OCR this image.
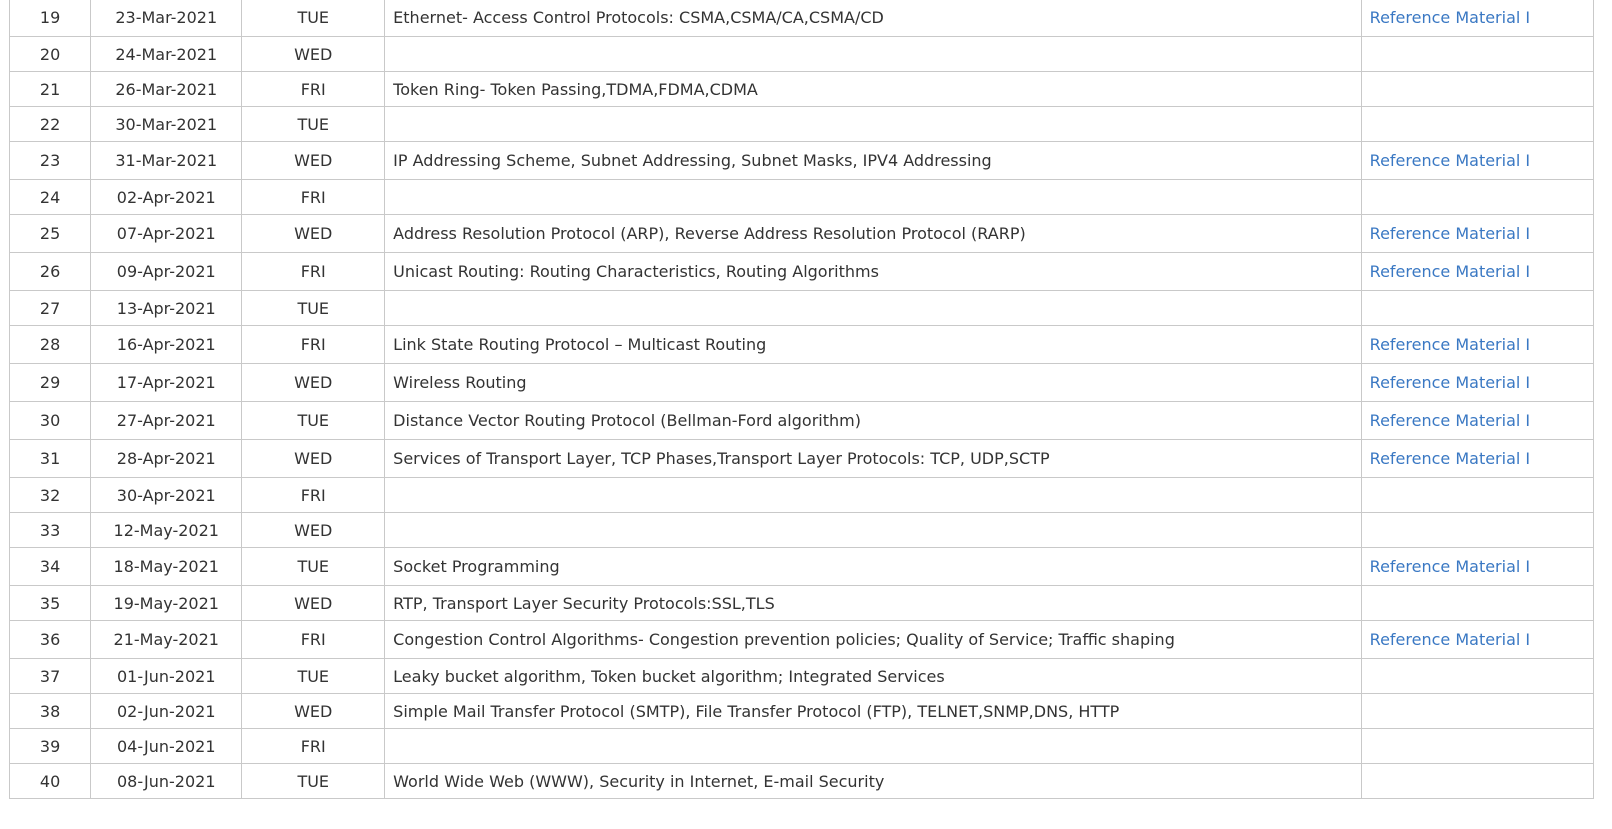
19	23-Mar-2021	TUE	Ethernet- Access Control Protocols: CSMA,CSMA/CA,CSMA/CD	Reference Material I
20	24-Mar-2021	WED		
21	26-Mar-2021	FRI	Token Ring- Token Passing,TDMA,FDMA,CDMA	
22	30-Mar-2021	TUE		
23	31-Mar-2021	WED	IP Addressing Scheme, Subnet Addressing, Subnet Masks, IPV4 Addressing	Reference Material I
24	02-Apr-2021	FRI		
25	07-Apr-2021	WED	Address Resolution Protocol (ARP), Reverse Address Resolution Protocol (RARP)	Reference Material I
26	09-Apr-2021	FRI	Unicast Routing: Routing Characteristics, Routing Algorithms	Reference Material I
27	13-Apr-2021	TUE		
28	16-Apr-2021	FRI	Link State Routing Protocol – Multicast Routing	Reference Material I
29	17-Apr-2021	WED	Wireless Routing	Reference Material I
30	27-Apr-2021	TUE	Distance Vector Routing Protocol (Bellman-Ford algorithm)	Reference Material I
31	28-Apr-2021	WED	Services of Transport Layer, TCP Phases,Transport Layer Protocols: TCP, UDP,SCTP	Reference Material I
32	30-Apr-2021	FRI		
33	12-May-2021	WED		
34	18-May-2021	TUE	Socket Programming	Reference Material I
35	19-May-2021	WED	RTP, Transport Layer Security Protocols:SSL,TLS	
36	21-May-2021	FRI	Congestion Control Algorithms- Congestion prevention policies; Quality of Service; Traffic shaping	Reference Material I
37	01-Jun-2021	TUE	Leaky bucket algorithm, Token bucket algorithm; Integrated Services	
38	02-Jun-2021	WED	Simple Mail Transfer Protocol (SMTP), File Transfer Protocol (FTP), TELNET,SNMP,DNS, HTTP	
39	04-Jun-2021	FRI		
40	08-Jun-2021	TUE	World Wide Web (WWW), Security in Internet, E-mail Security	
